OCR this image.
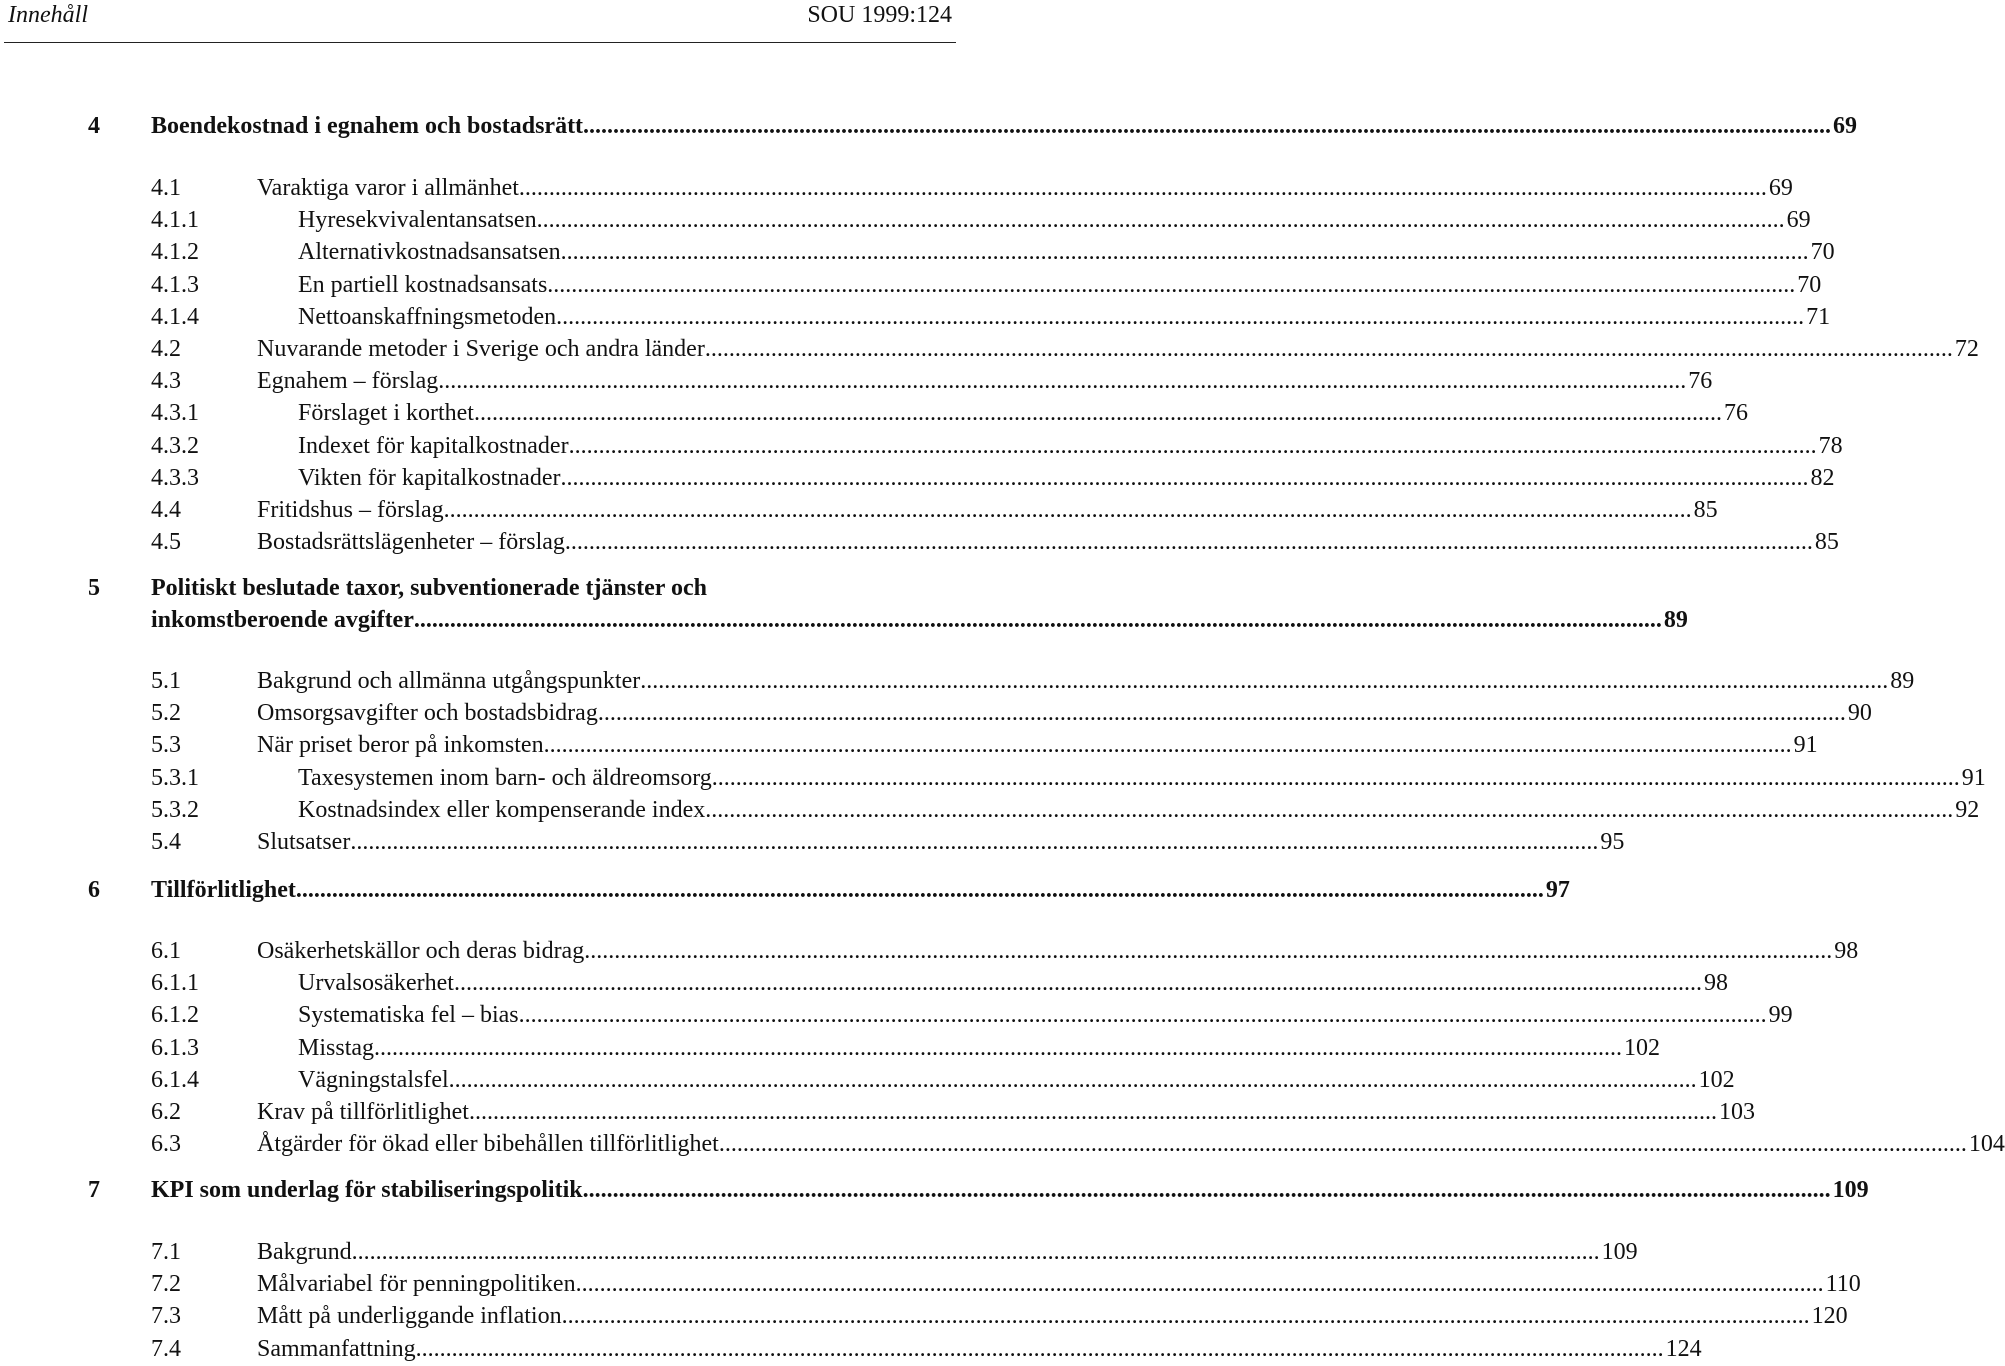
Innehåll	SOU 1999:124
4 Boendekostnad i egnahem och bostadsrätt .....	69
4.1	Varaktiga varor i allmänhet .....	69
4.1.1	Hyresekvivalentansatsen .....	69
4.1.2	Alternativkostnadsansatsen .....	70
4.1.3	En partiell kostnadsansats .....	70
4.1.4	Nettoanskaffningsmetoden .....	71
4.2	Nuvarande metoder i Sverige och andra länder .....	72
4.3	Egnahem – förslag .....	76
4.3.1	Förslaget i korthet .....	76
4.3.2	Indexet för kapitalkostnader .....	78
4.3.3	Vikten för kapitalkostnader .....	82
4.4	Fritidshus – förslag .....	85
4.5	Bostadsrättslägenheter – förslag .....	85
5 Politiskt beslutade taxor, subventionerade tjänster och
inkomstberoende avgifter .....	89
5.1	Bakgrund och allmänna utgångspunkter .....	89
5.2	Omsorgsavgifter och bostadsbidrag .....	90
5.3	När priset beror på inkomsten .....	91
5.3.1	Taxesystemen inom barn- och äldreomsorg .....	91
5.3.2	Kostnadsindex eller kompenserande index .....	92
5.4	Slutsatser .....	95
6 Tillförlitlighet .....	97
6.1	Osäkerhetskällor och deras bidrag .....	98
6.1.1	Urvalsosäkerhet .....	98
6.1.2	Systematiska fel – bias .....	99
6.1.3	Misstag .....	102
6.1.4	Vägningstalsfel .....	102
6.2	Krav på tillförlitlighet .....	103
6.3	Åtgärder för ökad eller bibehållen tillförlitlighet .....	104
7 KPI som underlag för stabiliseringspolitik .....	109
7.1	Bakgrund .....	109
7.2	Målvariabel för penningpolitiken .....	110
7.3	Mått på underliggande inflation .....	120
7.4	Sammanfattning .....	124
